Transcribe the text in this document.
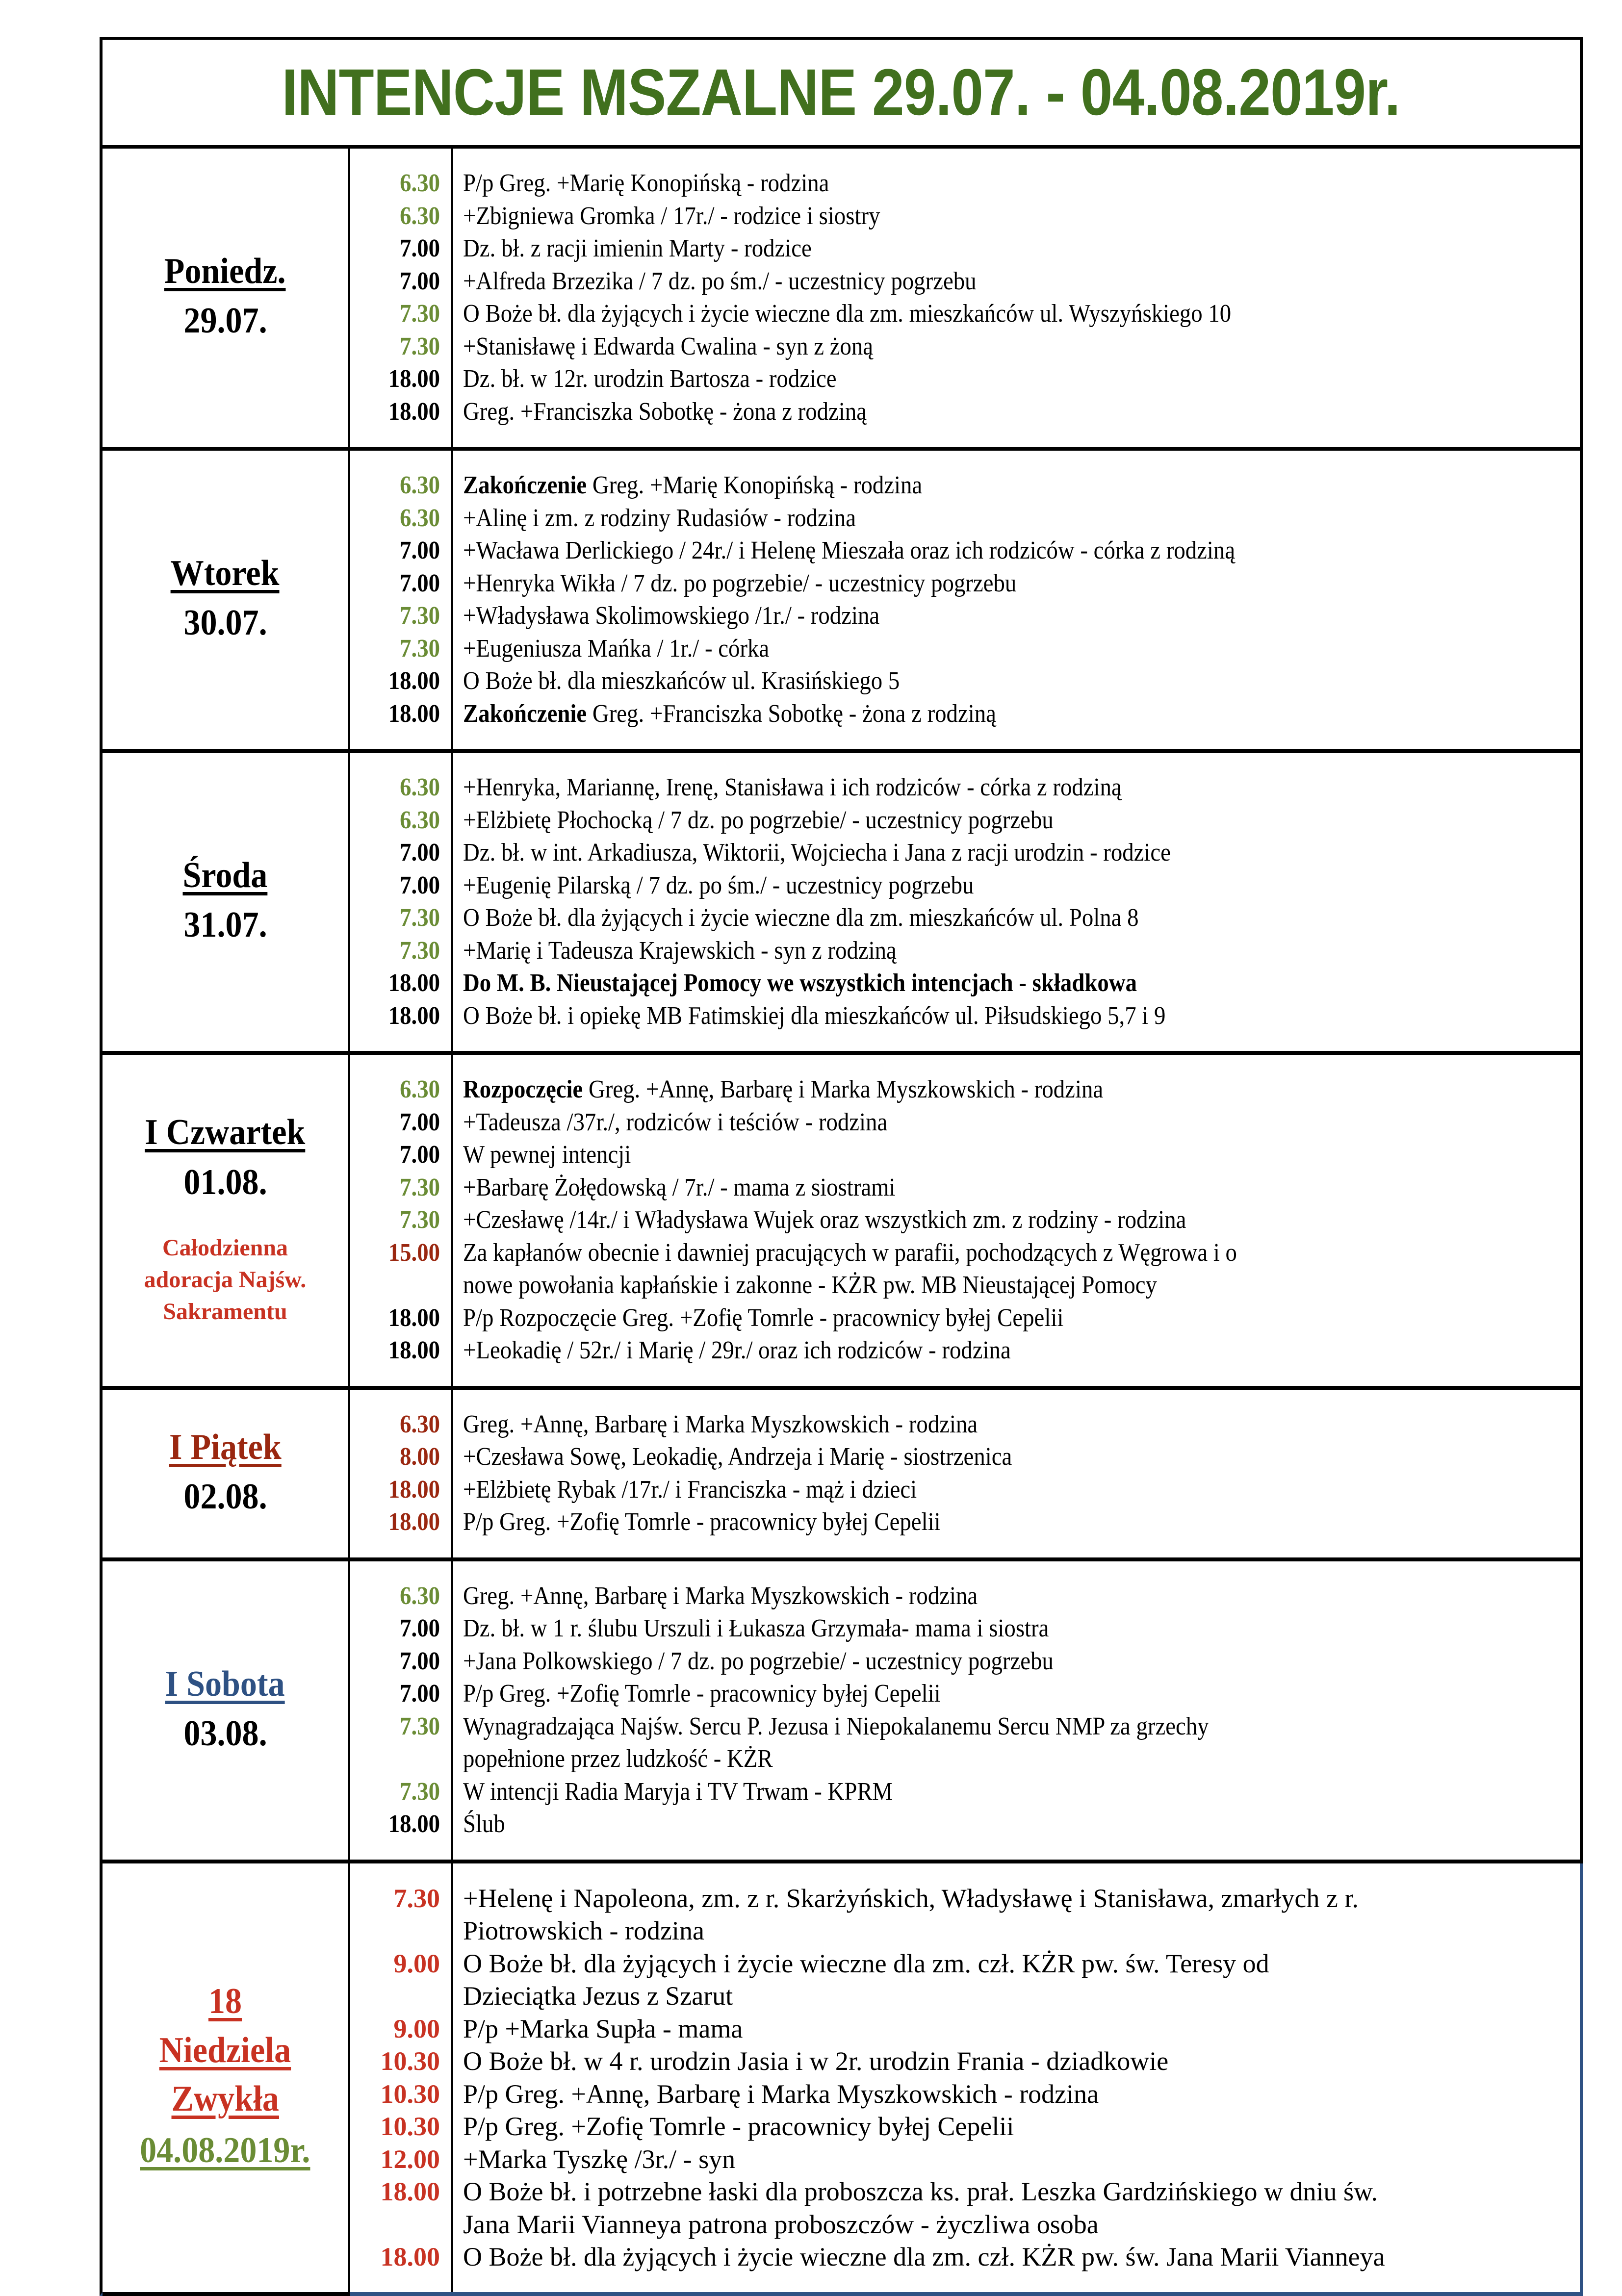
INTENCJE MSZALNE 29.07. - 04.08.2019r.
Poniedz.
29.07.
6.30
6.30
7.00
7.00
7.30
7.30
18.00
18.00
P/p Greg. +Marię Konopińską - rodzina
+Zbigniewa Gromka / 17r./ - rodzice i siostry
Dz. bł. z racji imienin Marty - rodzice
+Alfreda Brzezika / 7 dz. po śm./ - uczestnicy pogrzebu
O Boże bł. dla żyjących i życie wieczne dla zm. mieszkańców ul. Wyszyńskiego 10
+Stanisławę i Edwarda Cwalina - syn z żoną
Dz. bł. w 12r. urodzin Bartosza - rodzice
Greg. +Franciszka Sobotkę - żona z rodziną
Wtorek
30.07.
6.30
6.30
7.00
7.00
7.30
7.30
18.00
18.00
Zakończenie Greg. +Marię Konopińską - rodzina
+Alinę i zm. z rodziny Rudasiów - rodzina
+Wacława Derlickiego / 24r./ i Helenę Mieszała oraz ich rodziców - córka z rodziną
+Henryka Wikła / 7 dz. po pogrzebie/ - uczestnicy pogrzebu
+Władysława Skolimowskiego /1r./ - rodzina
+Eugeniusza Mańka / 1r./ - córka
O Boże bł. dla mieszkańców ul. Krasińskiego 5
Zakończenie Greg. +Franciszka Sobotkę - żona z rodziną
Środa
31.07.
6.30
6.30
7.00
7.00
7.30
7.30
18.00
18.00
+Henryka, Mariannę, Irenę, Stanisława i ich rodziców - córka z rodziną
+Elżbietę Płochocką / 7 dz. po pogrzebie/ - uczestnicy pogrzebu
Dz. bł. w int. Arkadiusza, Wiktorii, Wojciecha i Jana z racji urodzin - rodzice
+Eugenię Pilarską / 7 dz. po śm./ - uczestnicy pogrzebu
O Boże bł. dla żyjących i życie wieczne dla zm. mieszkańców ul. Polna 8
+Marię i Tadeusza Krajewskich - syn z rodziną
Do M. B. Nieustającej Pomocy we wszystkich intencjach - składkowa
O Boże bł. i opiekę MB Fatimskiej dla mieszkańców ul. Piłsudskiego 5,7 i 9
I Czwartek
01.08.
Całodzienna
adoracja Najśw.
Sakramentu
6.30
7.00
7.00
7.30
7.30
15.00
18.00
18.00
Rozpoczęcie Greg. +Annę, Barbarę i Marka Myszkowskich - rodzina
+Tadeusza /37r./, rodziców i teściów - rodzina
W pewnej intencji
+Barbarę Żołędowską / 7r./ - mama z siostrami
+Czesławę /14r./ i Władysława Wujek oraz wszystkich zm. z rodziny - rodzina
Za kapłanów obecnie i dawniej pracujących w parafii, pochodzących z Węgrowa i o
nowe powołania kapłańskie i zakonne - KŻR pw. MB Nieustającej Pomocy
P/p Rozpoczęcie Greg. +Zofię Tomrle - pracownicy byłej Cepelii
+Leokadię / 52r./ i Marię / 29r./ oraz ich rodziców - rodzina
I Piątek
02.08.
6.30
8.00
18.00
18.00
Greg. +Annę, Barbarę i Marka Myszkowskich - rodzina
+Czesława Sowę, Leokadię, Andrzeja i Marię - siostrzenica
+Elżbietę Rybak /17r./ i Franciszka - mąż i dzieci
P/p Greg. +Zofię Tomrle - pracownicy byłej Cepelii
I Sobota
03.08.
6.30
7.00
7.00
7.00
7.30
7.30
18.00
Greg. +Annę, Barbarę i Marka Myszkowskich - rodzina
Dz. bł. w 1 r. ślubu Urszuli i Łukasza Grzymała- mama i siostra
+Jana Polkowskiego / 7 dz. po pogrzebie/ - uczestnicy pogrzebu
P/p Greg. +Zofię Tomrle - pracownicy byłej Cepelii
Wynagradzająca Najśw. Sercu P. Jezusa i Niepokalanemu Sercu NMP za grzechy
popełnione przez ludzkość - KŻR
W intencji Radia Maryja i TV Trwam - KPRM
Ślub
18
Niedziela
Zwykła
04.08.2019r.
7.30
9.00
9.00
10.30
10.30
10.30
12.00
18.00
18.00
+Helenę i Napoleona, zm. z r. Skarżyńskich, Władysławę i Stanisława, zmarłych z r.
Piotrowskich - rodzina
O Boże bł. dla żyjących i życie wieczne dla zm. czł. KŻR pw. św. Teresy od
Dzieciątka Jezus z Szarut
P/p +Marka Supła - mama
O Boże bł. w 4 r. urodzin Jasia i w 2r. urodzin Frania - dziadkowie
P/p Greg. +Annę, Barbarę i Marka Myszkowskich - rodzina
P/p Greg. +Zofię Tomrle - pracownicy byłej Cepelii
+Marka Tyszkę /3r./ - syn
O Boże bł. i potrzebne łaski dla proboszcza ks. prał. Leszka Gardzińskiego w dniu św.
Jana Marii Vianneya patrona proboszczów - życzliwa osoba
O Boże bł. dla żyjących i życie wieczne dla zm. czł. KŻR pw. św. Jana Marii Vianneya
